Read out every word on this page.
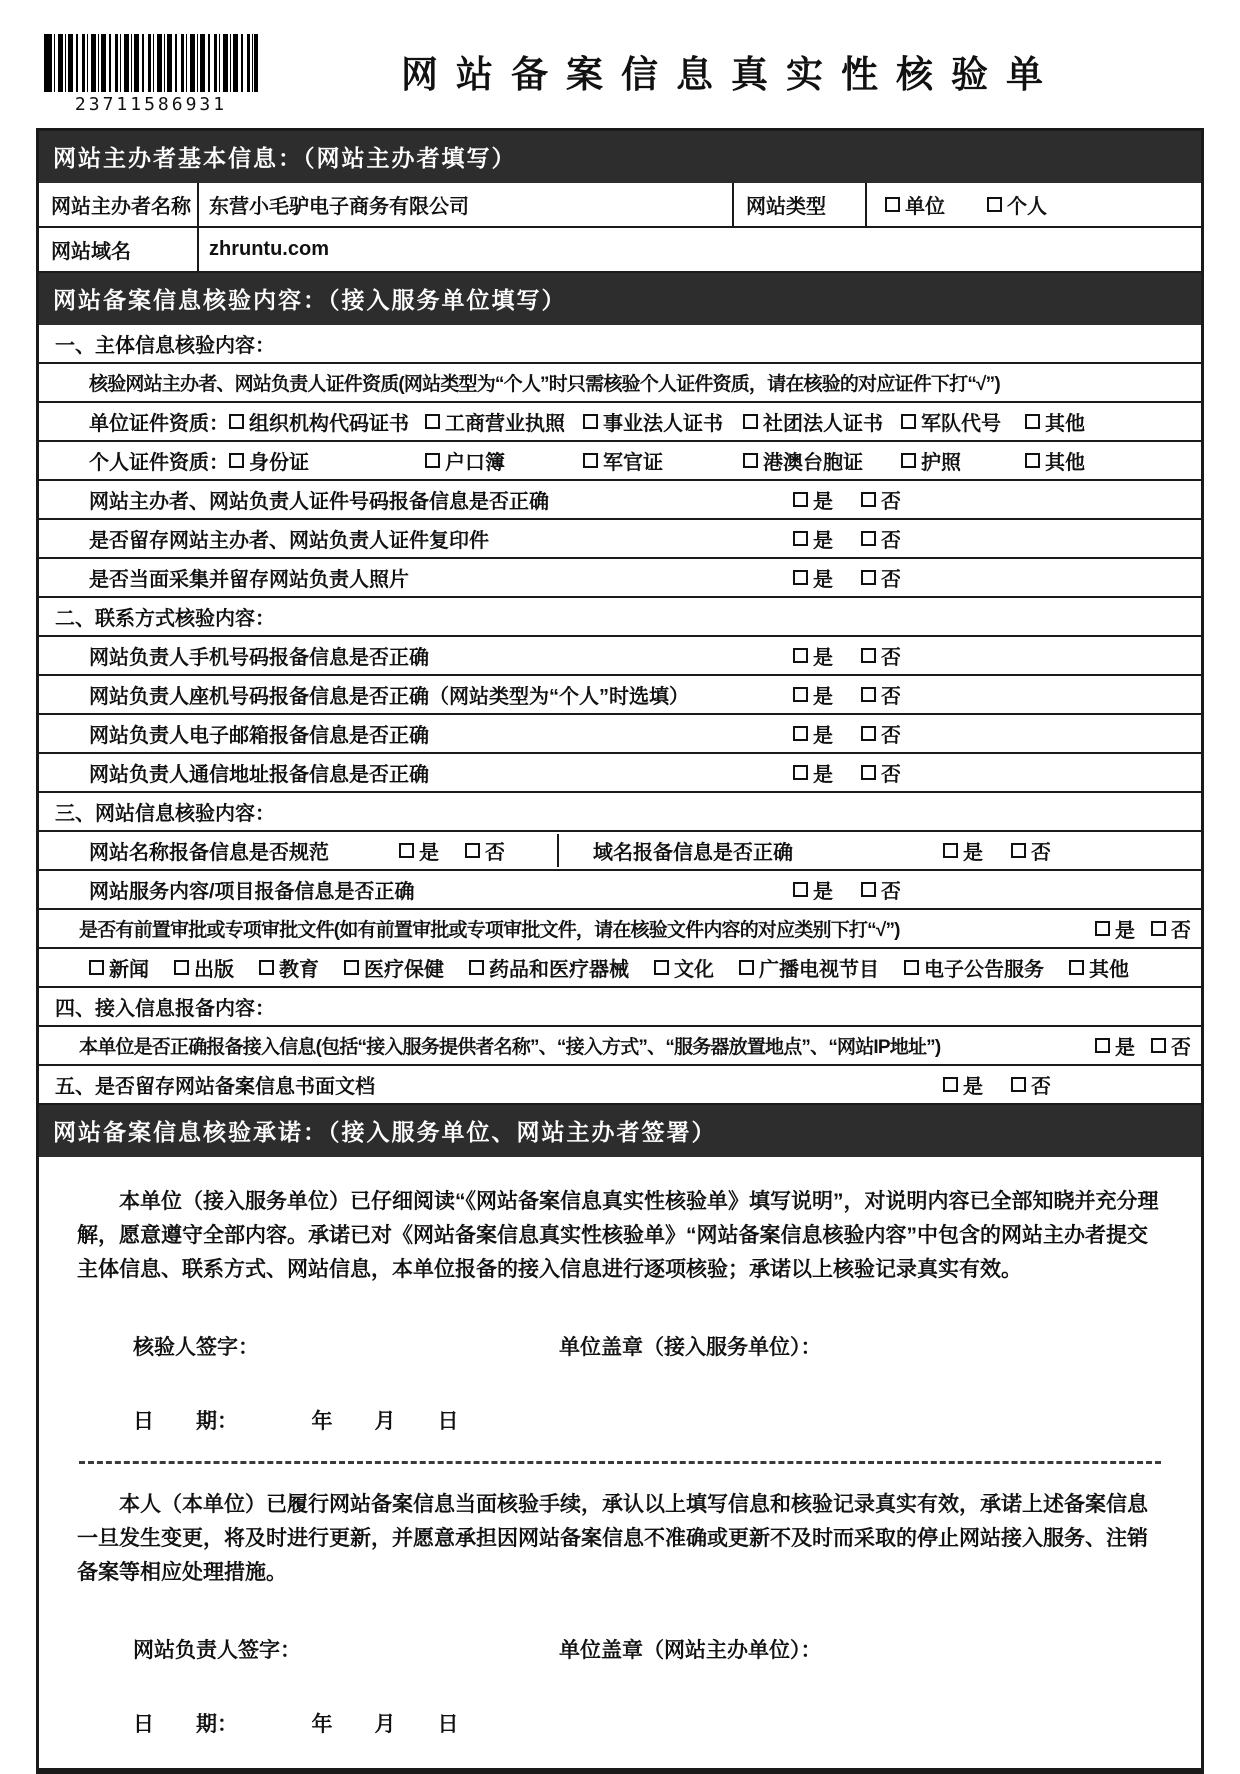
23711586931
网站备案信息真实性核验单
网站主办者基本信息：（网站主办者填写）
网站主办者名称 东营小毛驴电子商务有限公司	网站类型	单位	个人
网站域名	zhruntu.com
网站备案信息核验内容：（接入服务单位填写）
一、主体信息核验内容：
核验网站主办者、网站负责人证件资质(网站类型为“个人”时只需核验个人证件资质，请在核验的对应证件下打“√”)
单位证件资质： 组织机构代码证书 工商营业执照 事业法人证书 社团法人证书 军队代号 其他
个人证件资质： 身份证	户口簿	军官证	港澳台胞证	护照	其他
网站主办者、网站负责人证件号码报备信息是否正确	是 否
是否留存网站主办者、网站负责人证件复印件	是 否
是否当面采集并留存网站负责人照片	是 否
二、联系方式核验内容：
网站负责人手机号码报备信息是否正确	是 否
网站负责人座机号码报备信息是否正确（网站类型为“个人”时选填）	是 否
网站负责人电子邮箱报备信息是否正确	是 否
网站负责人通信地址报备信息是否正确	是 否
三、网站信息核验内容：
网站名称报备信息是否规范	是 否	域名报备信息是否正确	是 否
网站服务内容/项目报备信息是否正确	是 否
是否有前置审批或专项审批文件(如有前置审批或专项审批文件，请在核验文件内容的对应类别下打“√”)	是 否
新闻 出版 教育 医疗保健 药品和医疗器械 文化 广播电视节目 电子公告服务 其他
四、接入信息报备内容：
本单位是否正确报备接入信息(包括“接入服务提供者名称”、“接入方式”、“服务器放置地点”、“网站IP地址”)	是 否
五、是否留存网站备案信息书面文档	是 否
网站备案信息核验承诺：（接入服务单位、网站主办者签署）

本单位（接入服务单位）已仔细阅读“《网站备案信息真实性核验单》填写说明”，对说明内容已全部知晓并充分理解，愿意遵守全部内容。承诺已对《网站备案信息真实性核验单》“网站备案信息核验内容”中包含的网站主办者提交主体信息、联系方式、网站信息，本单位报备的接入信息进行逐项核验；承诺以上核验记录真实有效。

核验人签字：	单位盖章（接入服务单位）：
日　　期：　　　　年　　月　　日

本人（本单位）已履行网站备案信息当面核验手续，承认以上填写信息和核验记录真实有效，承诺上述备案信息一旦发生变更，将及时进行更新，并愿意承担因网站备案信息不准确或更新不及时而采取的停止网站接入服务、注销备案等相应处理措施。

网站负责人签字：	单位盖章（网站主办单位）：
日　　期：　　　　年　　月　　日
